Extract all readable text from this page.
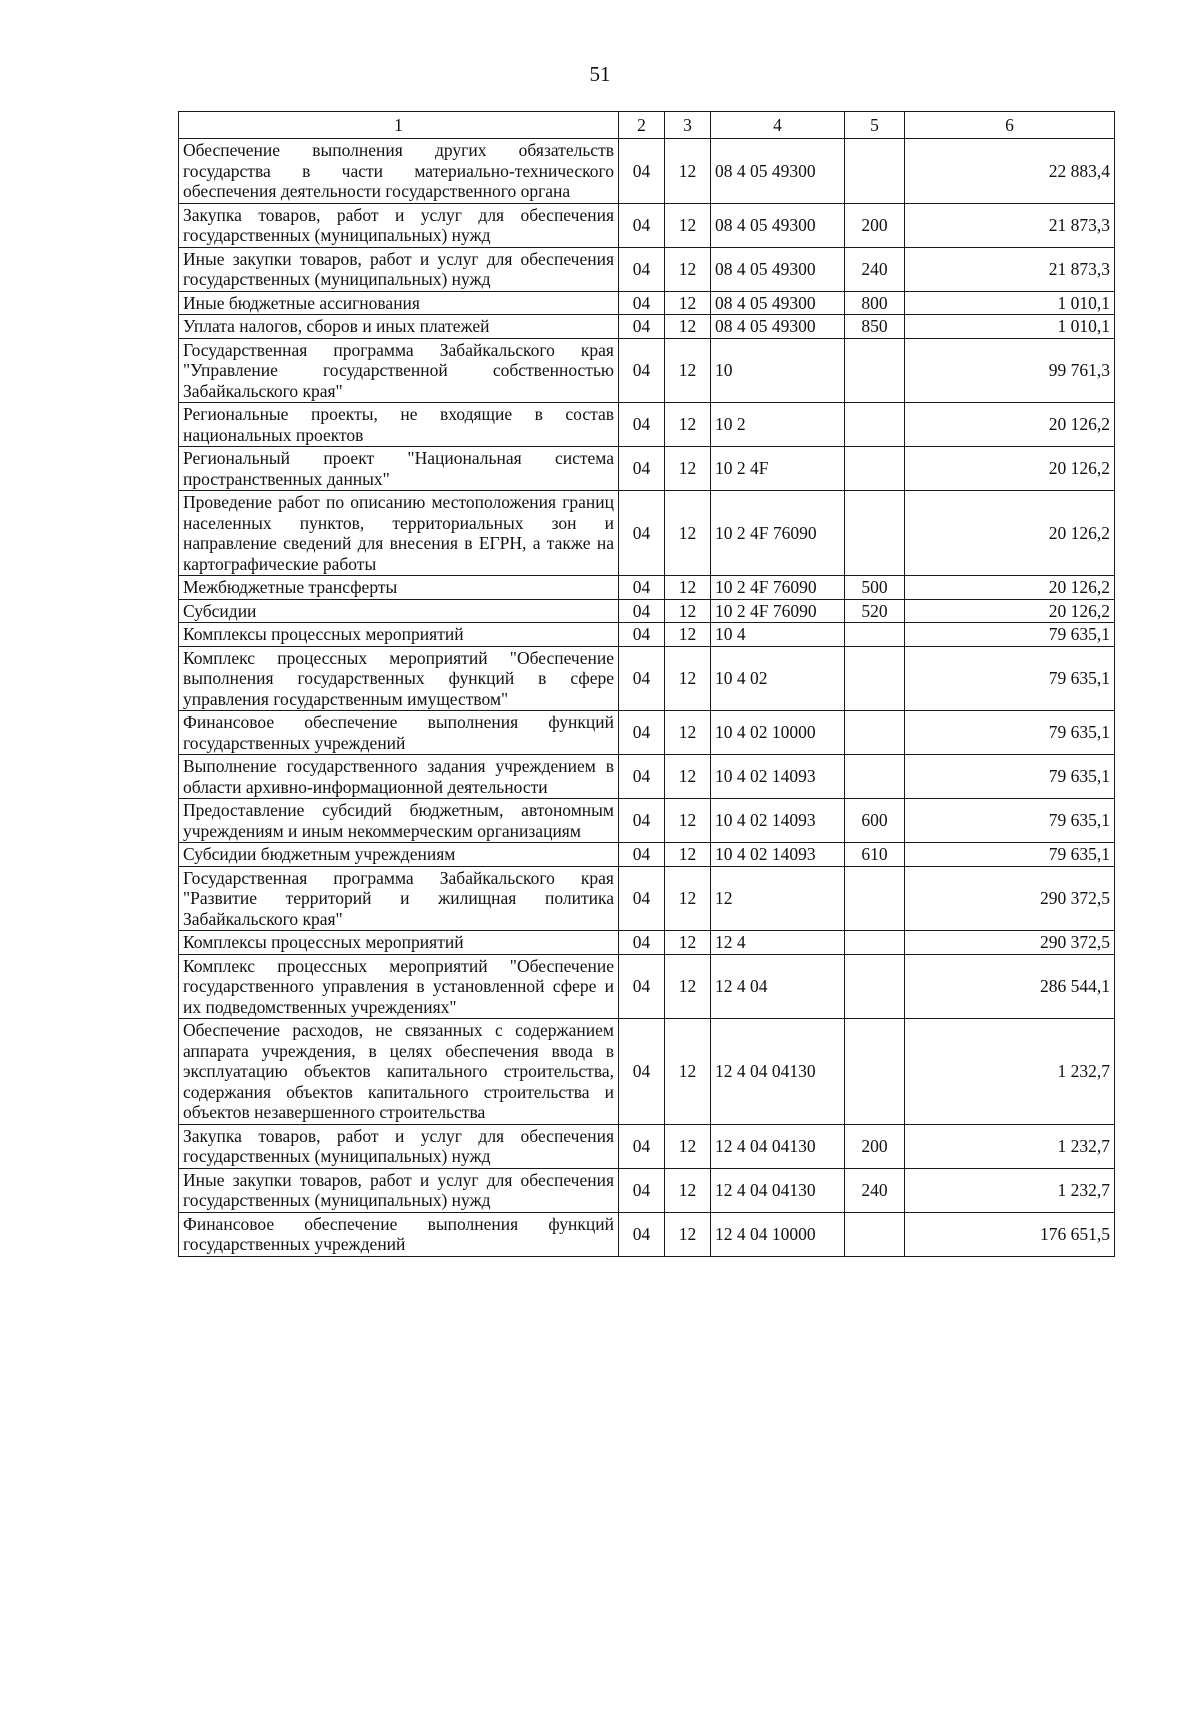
51
1	2	3	4	5	6
Обеспечение выполнения других обязательств государства в части материально-технического обеспечения деятельности государственного органа	04	12	08 4 05 49300		22 883,4
Закупка товаров, работ и услуг для обеспечения государственных (муниципальных) нужд	04	12	08 4 05 49300	200	21 873,3
Иные закупки товаров, работ и услуг для обеспечения государственных (муниципальных) нужд	04	12	08 4 05 49300	240	21 873,3
Иные бюджетные ассигнования	04	12	08 4 05 49300	800	1 010,1
Уплата налогов, сборов и иных платежей	04	12	08 4 05 49300	850	1 010,1
Государственная программа Забайкальского края "Управление государственной собственностью Забайкальского края"	04	12	10		99 761,3
Региональные проекты, не входящие в состав национальных проектов	04	12	10 2		20 126,2
Региональный проект "Национальная система пространственных данных"	04	12	10 2 4F		20 126,2
Проведение работ по описанию местоположения границ населенных пунктов, территориальных зон и направление сведений для внесения в ЕГРН, а также на картографические работы	04	12	10 2 4F 76090		20 126,2
Межбюджетные трансферты	04	12	10 2 4F 76090	500	20 126,2
Субсидии	04	12	10 2 4F 76090	520	20 126,2
Комплексы процессных мероприятий	04	12	10 4		79 635,1
Комплекс процессных мероприятий "Обеспечение выполнения государственных функций в сфере управления государственным имуществом"	04	12	10 4 02		79 635,1
Финансовое обеспечение выполнения функций государственных учреждений	04	12	10 4 02 10000		79 635,1
Выполнение государственного задания учреждением в области архивно-информационной деятельности	04	12	10 4 02 14093		79 635,1
Предоставление субсидий бюджетным, автономным учреждениям и иным некоммерческим организациям	04	12	10 4 02 14093	600	79 635,1
Субсидии бюджетным учреждениям	04	12	10 4 02 14093	610	79 635,1
Государственная программа Забайкальского края "Развитие территорий и жилищная политика Забайкальского края"	04	12	12		290 372,5
Комплексы процессных мероприятий	04	12	12 4		290 372,5
Комплекс процессных мероприятий "Обеспечение государственного управления в установленной сфере и их подведомственных учреждениях"	04	12	12 4 04		286 544,1
Обеспечение расходов, не связанных с содержанием аппарата учреждения, в целях обеспечения ввода в эксплуатацию объектов капитального строительства, содержания объектов капитального строительства и объектов незавершенного строительства	04	12	12 4 04 04130		1 232,7
Закупка товаров, работ и услуг для обеспечения государственных (муниципальных) нужд	04	12	12 4 04 04130	200	1 232,7
Иные закупки товаров, работ и услуг для обеспечения государственных (муниципальных) нужд	04	12	12 4 04 04130	240	1 232,7
Финансовое обеспечение выполнения функций государственных учреждений	04	12	12 4 04 10000		176 651,5
